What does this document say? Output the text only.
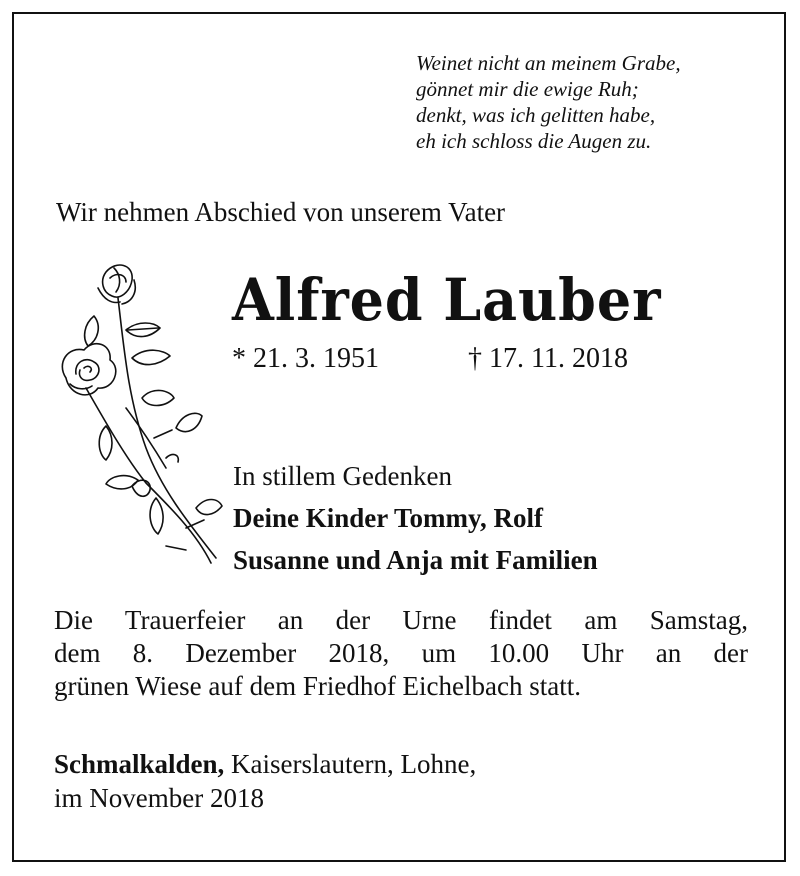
Weinet nicht an meinem Grabe,
gönnet mir die ewige Ruh;
denkt, was ich gelitten habe,
eh ich schloss die Augen zu.
Wir nehmen Abschied von unserem Vater
Alfred Lauber
* 21. 3. 1951	† 17. 11. 2018
In stillem Gedenken
Deine Kinder Tommy, Rolf
Susanne und Anja mit Familien
Die Trauerfeier an der Urne findet am Samstag,
dem 8. Dezember 2018, um 10.00 Uhr an der
grünen Wiese auf dem Friedhof Eichelbach statt.
Schmalkalden, Kaiserslautern, Lohne,
im November 2018
